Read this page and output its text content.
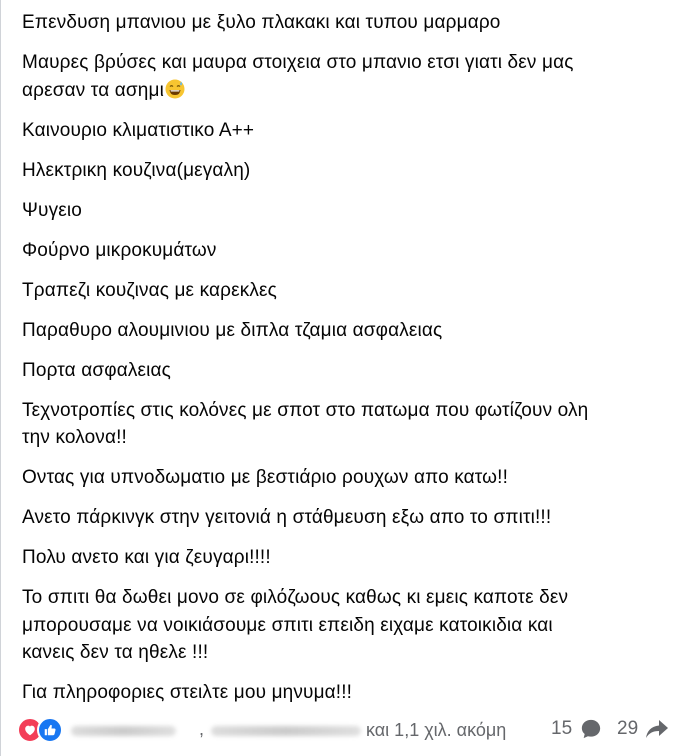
Επενδυση μπανιου με ξυλο πλακακι και τυπου μαρμαρο

Μαυρες βρύσες και μαυρα στοιχεια στο μπανιο ετσι γιατι δεν μας
αρεσαν τα ασημι

Καινουριο κλιματιστικο Α++

Ηλεκτρικη κουζινα(μεγαλη)

Ψυγειο

Φούρνο μικροκυμάτων

Τραπεζι κουζινας με καρεκλες

Παραθυρο αλουμινιου με διπλα τζαμια ασφαλειας

Πορτα ασφαλειας

Τεχνοτροπίες στις κολόνες με σποτ στο πατωμα που φωτίζουν ολη
την κολονα!!

Οντας για υπνοδωματιο με βεστιάριο ρουχων απο κατω!!

Ανετο πάρκινγκ στην γειτονιά η στάθμευση εξω απο το σπιτι!!!

Πολυ ανετο και για ζευγαρι!!!!

Το σπιτι θα δωθει μονο σε φιλόζωους καθως κι εμεις καποτε δεν
μπορουσαμε να νοικιάσουμε σπιτι επειδη ειχαμε κατοικιδια και
κανεις δεν τα ηθελε !!!

Για πληροφοριες στειλτε μου μηνυμα!!!

,	και 1,1 χιλ. ακόμη 15	29
